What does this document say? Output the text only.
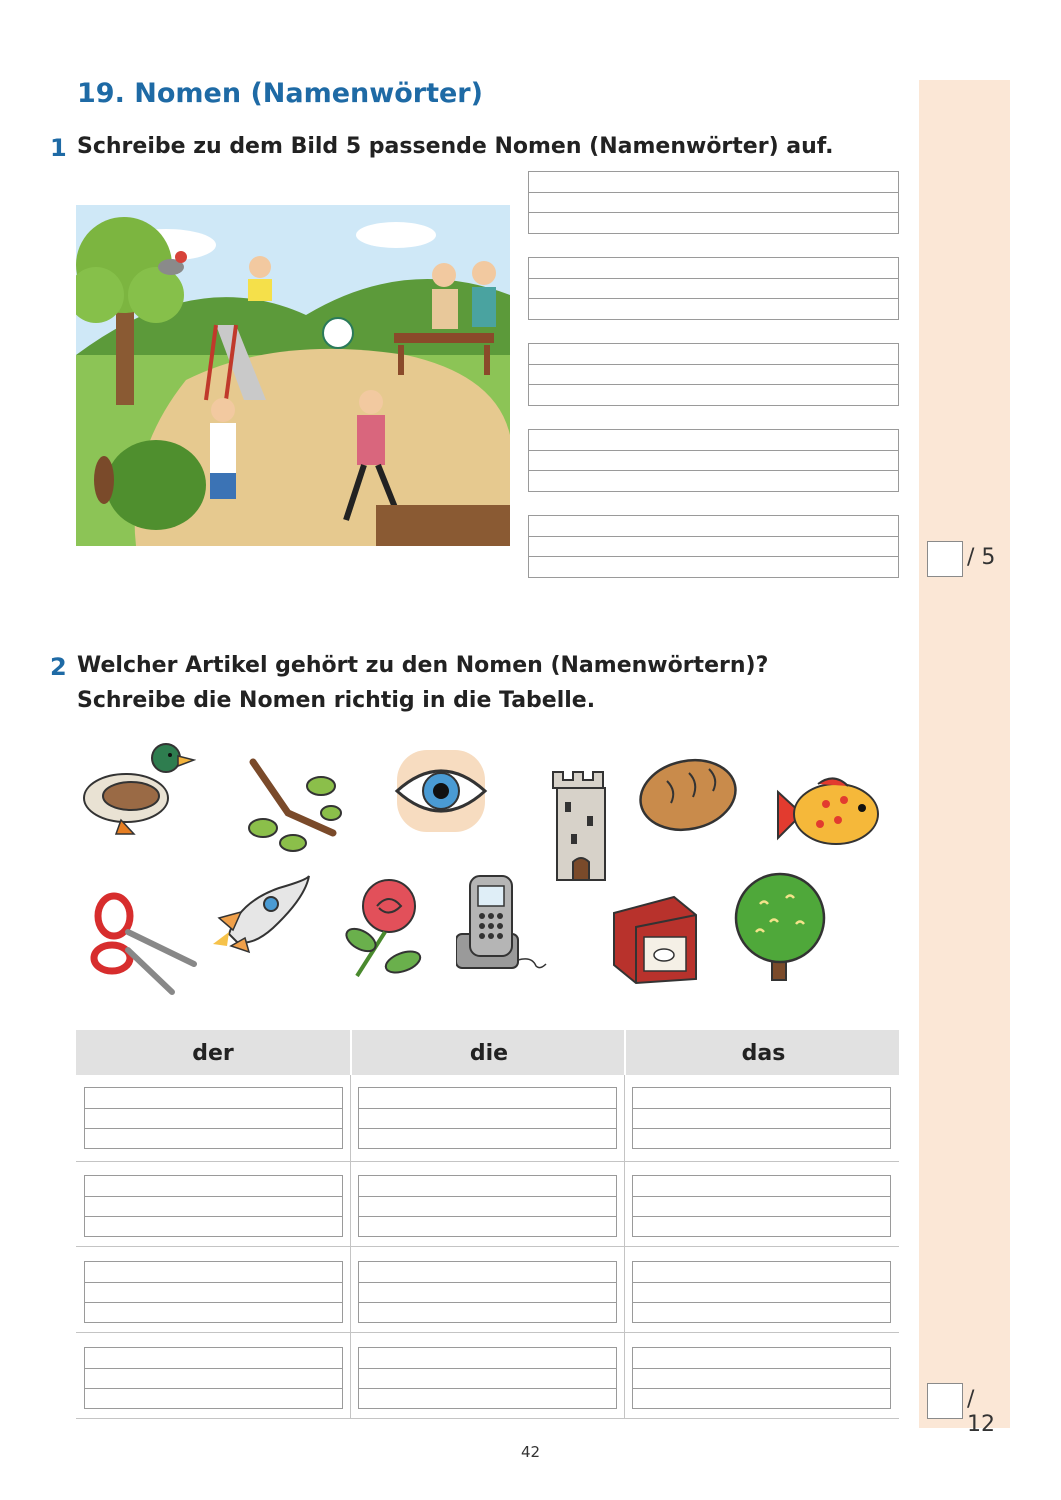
19. Nomen (Namenwörter)
1 Schreibe zu dem Bild 5 passende Nomen (Namenwörter) auf.
/ 5
2 Welcher Artikel gehört zu den Nomen (Namenwörtern)?
Schreibe die Nomen richtig in die Tabelle.
der	die	das
/ 12
42
